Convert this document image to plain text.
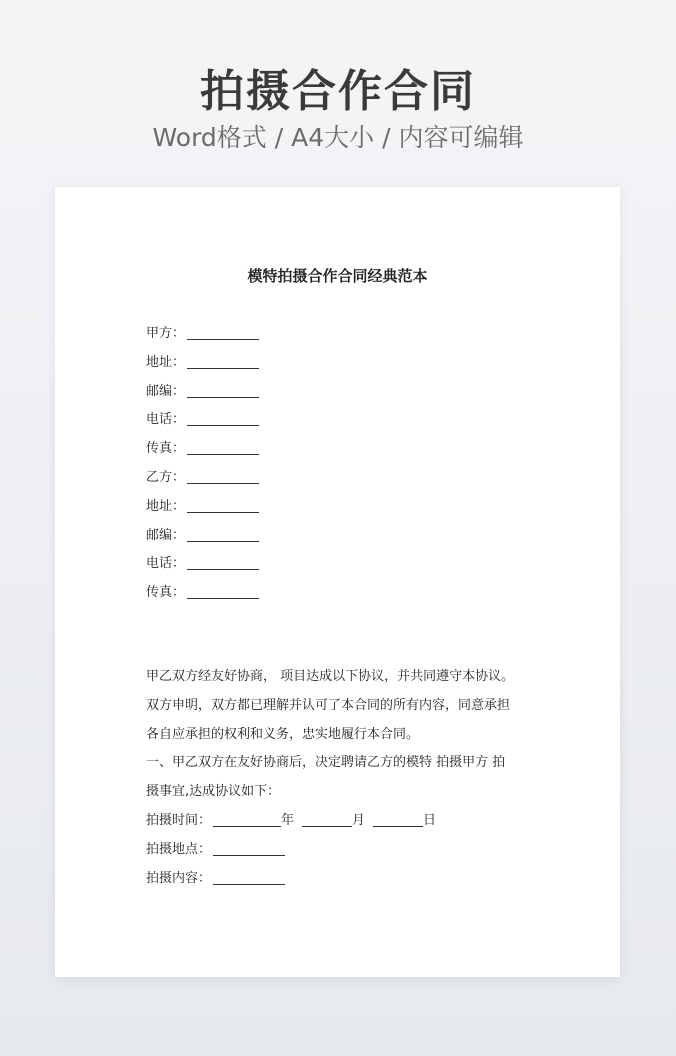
拍摄合作合同
Word格式 / A4大小 / 内容可编辑
模特拍摄合作合同经典范本
甲方：
地址：
邮编：
电话：
传真：
乙方：
地址：
邮编：
电话：
传真：
甲乙双方经友好协商， 项目达成以下协议，并共同遵守本协议。
双方申明，双方都已理解并认可了本合同的所有内容，同意承担
各自应承担的权利和义务，忠实地履行本合同。
一、甲乙双方在友好协商后，决定聘请乙方的模特 拍摄甲方 拍
摄事宜,达成协议如下：
拍摄时间：	年	月	日
拍摄地点：
拍摄内容：
